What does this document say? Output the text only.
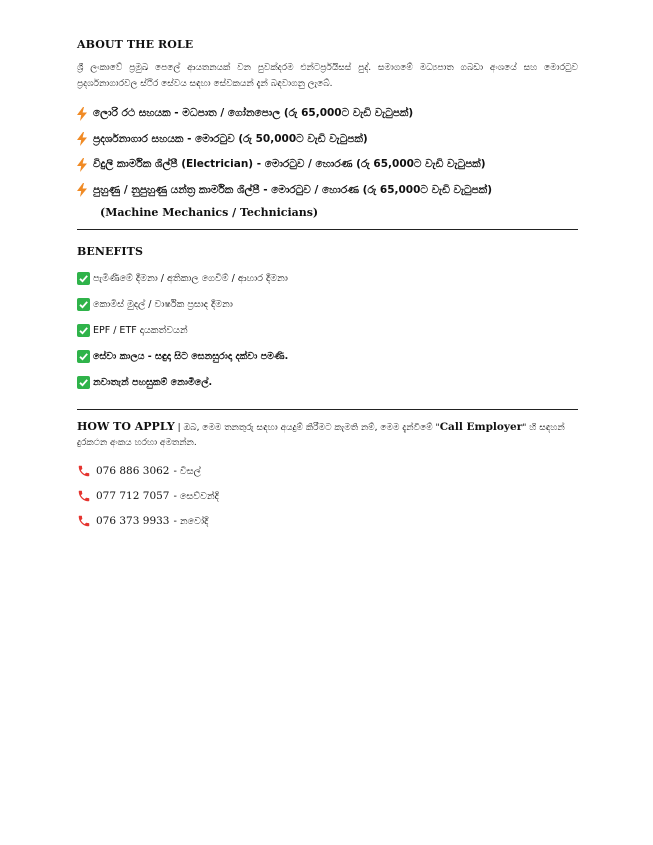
ABOUT THE ROLE
ශ්‍රී ලංකාවේ ප්‍රමුඛ පෙලේ ආයතනයක් වන පුවක්දරම එන්ටර්ප්‍රයිසස් පුද්. සමාගමේ මධ්‍යපාත ගබඩා අංශයේ සහ මොරටුව ප්‍රදර්ශනාගාරවල ස්ථිර සේවය සඳහා සේවකයන් දැන් බඳවාගනු ලැබේ.
ලොරි රථ සහයක - මධපාත / ගෝනපොල (රු 65,000ට වැඩි වැටුපක්)
ප්‍රදර්ශනාගාර සහයක - මොරටුව (රු 50,000ට වැඩි වැටුපක්)
විදුලි කාර්මික ශිල්පී (Electrician) - මොරටුව / හොරණ (රු 65,000ට වැඩි වැටුපක්)
පුහුණු / නුපුහුණු යන්ත්‍ර කාර්මික ශිල්පී - මොරටුව / හොරණ (රු 65,000ට වැඩි වැටුපක්)
(Machine Mechanics / Technicians)
BENEFITS
පැමිණීමේ දීමනා / අතිකාල ගෙවීම් / ආහාර දීමනා
කොමිස් මුදල් / වාර්ෂික ප්‍රසාද දීමනා
EPF / ETF දායකත්වයන්
සේවා කාලය - සඳුදා සිට සෙනසුරාදා දක්වා පමණි.
නවාතැන් පහසුකම් නොමිලේ.
HOW TO APPLY | ඔබ, මෙම තනතුරු සඳහා අයදුම් කිරීමට කැමති නම්, මෙම දැන්වීමේ "Call Employer" හි සඳහන් දුරකථන අංකය හරහා අමතන්න.
076 886 3062 - විසල්
077 712 7057 - සෙව්වන්දි
076 373 9933 - නවෝදි
